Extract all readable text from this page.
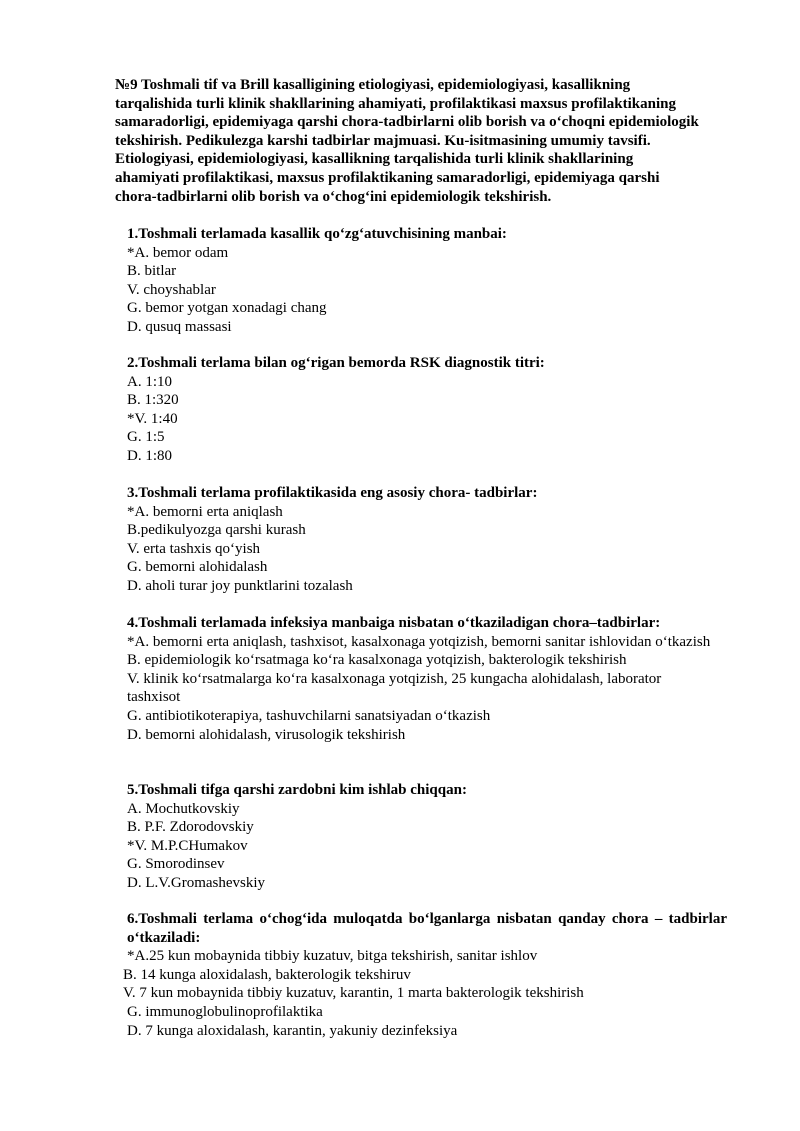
№9 Toshmali tif va Brill kasalligining etiologiyasi, epidemiologiyasi, kasallikning
tarqalishida turli klinik shakllarining ahamiyati, profilaktikasi maxsus profilaktikaning
samaradorligi, epidemiyaga qarshi chora-tadbirlarni olib borish va o‘choqni epidemiologik
tekshirish. Pedikulezga karshi tadbirlar majmuasi. Ku-isitmasining umumiy tavsifi.
Etiologiyasi, epidemiologiyasi, kasallikning tarqalishida turli klinik shakllarining
ahamiyati profilaktikasi, maxsus profilaktikaning samaradorligi, epidemiyaga qarshi
chora-tadbirlarni olib borish va o‘chog‘ini epidemiologik tekshirish.

1.Toshmali terlamada kasallik qo‘zg‘atuvchisining manbai:

*A. bemor odam

B. bitlar

V. choyshablar

G. bemor yotgan xonadagi chang

D. qusuq massasi

2.Toshmali terlama bilan og‘rigan bemorda RSK diagnostik titri:

A. 1:10

B. 1:320

*V. 1:40

G. 1:5

D. 1:80

3.Toshmali terlama profilaktikasida eng asosiy chora- tadbirlar:

*A. bemorni erta aniqlash

B.pedikulyozga qarshi kurash

V. erta tashxis qo‘yish

G. bemorni alohidalash

D. aholi turar joy punktlarini tozalash

4.Toshmali terlamada infeksiya manbaiga nisbatan o‘tkaziladigan chora–tadbirlar:

*A. bemorni erta aniqlash, tashxisot, kasalxonaga yotqizish, bemorni sanitar ishlovidan o‘tkazish

B. epidemiologik ko‘rsatmaga ko‘ra kasalxonaga yotqizish, bakterologik tekshirish

V. klinik ko‘rsatmalarga ko‘ra kasalxonaga yotqizish, 25 kungacha alohidalash, laborator tashxisot

G. antibiotikoterapiya, tashuvchilarni sanatsiyadan o‘tkazish

D. bemorni alohidalash, virusologik tekshirish

5.Toshmali tifga qarshi zardobni kim ishlab chiqqan:

A. Mochutkovskiy

B. P.F. Zdorodovskiy

*V. M.P.CHumakov

G. Smorodinsev

D. L.V.Gromashevskiy

6.Toshmali terlama o‘chog‘ida muloqatda bo‘lganlarga nisbatan qanday chora – tadbirlar o‘tkaziladi:

*A.25 kun mobaynida tibbiy kuzatuv, bitga tekshirish, sanitar ishlov

B. 14 kunga aloxidalash, bakterologik tekshiruv

V. 7 kun mobaynida tibbiy kuzatuv, karantin, 1 marta bakterologik tekshirish

G. immunoglobulinoprofilaktika

D. 7 kunga aloxidalash, karantin, yakuniy dezinfeksiya
